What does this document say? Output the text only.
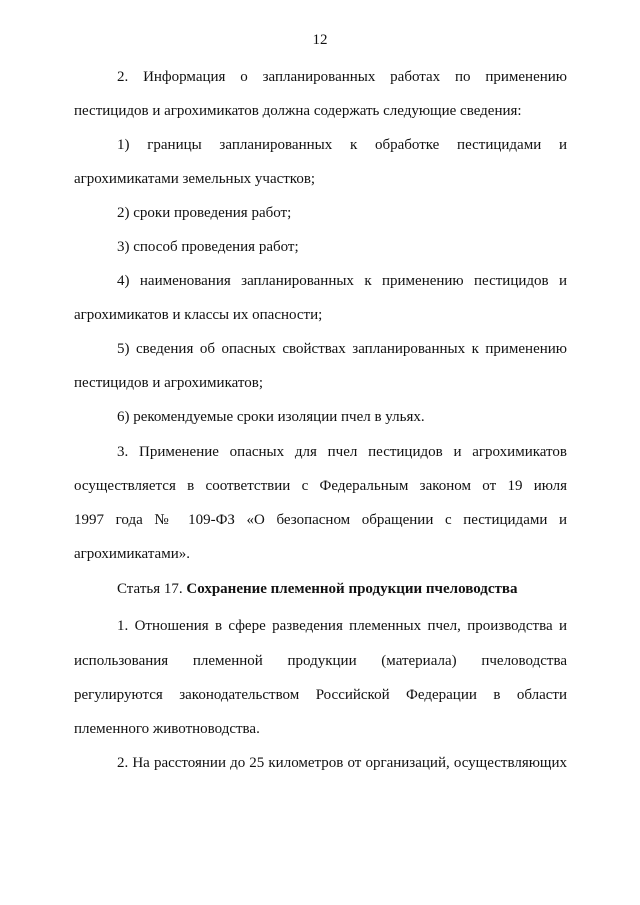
12
2. Информация о запланированных работах по применению
пестицидов и агрохимикатов должна содержать следующие сведения:
1) границы запланированных к обработке пестицидами и
агрохимикатами земельных участков;
2) сроки проведения работ;
3) способ проведения работ;
4) наименования запланированных к применению пестицидов и
агрохимикатов и классы их опасности;
5) сведения об опасных свойствах запланированных к применению
пестицидов и агрохимикатов;
6) рекомендуемые сроки изоляции пчел в ульях.
3. Применение опасных для пчел пестицидов и агрохимикатов
осуществляется в соответствии с Федеральным законом от 19 июля
1997 года № 109-ФЗ «О безопасном обращении с пестицидами и
агрохимикатами».
Статья 17. Сохранение племенной продукции пчеловодства
1. Отношения в сфере разведения племенных пчел, производства и
использования племенной продукции (материала) пчеловодства
регулируются законодательством Российской Федерации в области
племенного животноводства.
2. На расстоянии до 25 километров от организаций, осуществляющих
